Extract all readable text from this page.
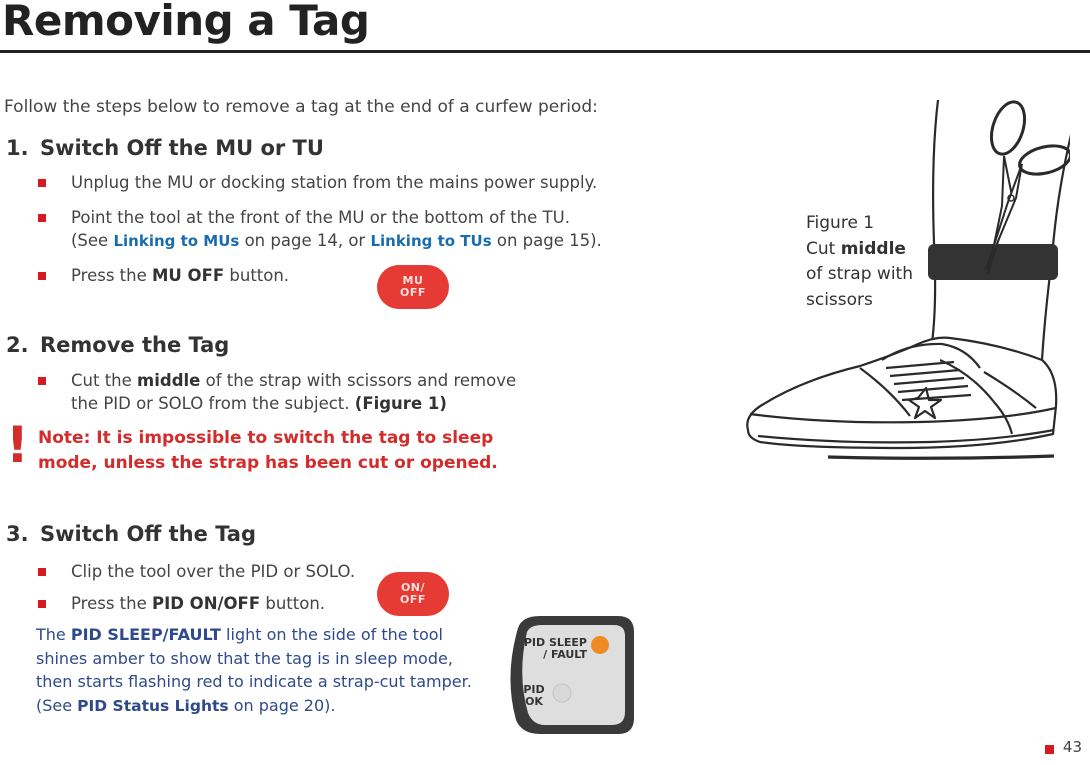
Removing a Tag
Follow the steps below to remove a tag at the end of a curfew period:
1. Switch Off the MU or TU
Unplug the MU or docking station from the mains power supply.
Point the tool at the front of the MU or the bottom of the TU.
(See Linking to MUs on page 14, or Linking to TUs on page 15).
Press the MU OFF button.	MU
OFF
2. Remove the Tag
Cut the middle of the strap with scissors and remove
the PID or SOLO from the subject. (Figure 1)
! Note: It is impossible to switch the tag to sleep
mode, unless the strap has been cut or opened.
3. Switch Off the Tag
Clip the tool over the PID or SOLO.
Press the PID ON/OFF button.
ON/
OFF
The PID SLEEP/FAULT light on the side of the tool
shines amber to show that the tag is in sleep mode,
then starts flashing red to indicate a strap-cut tamper.
(See PID Status Lights on page 20).
PID SLEEP
/ FAULT
PID
OK
Figure 1
Cut middle
of strap with
scissors
43
